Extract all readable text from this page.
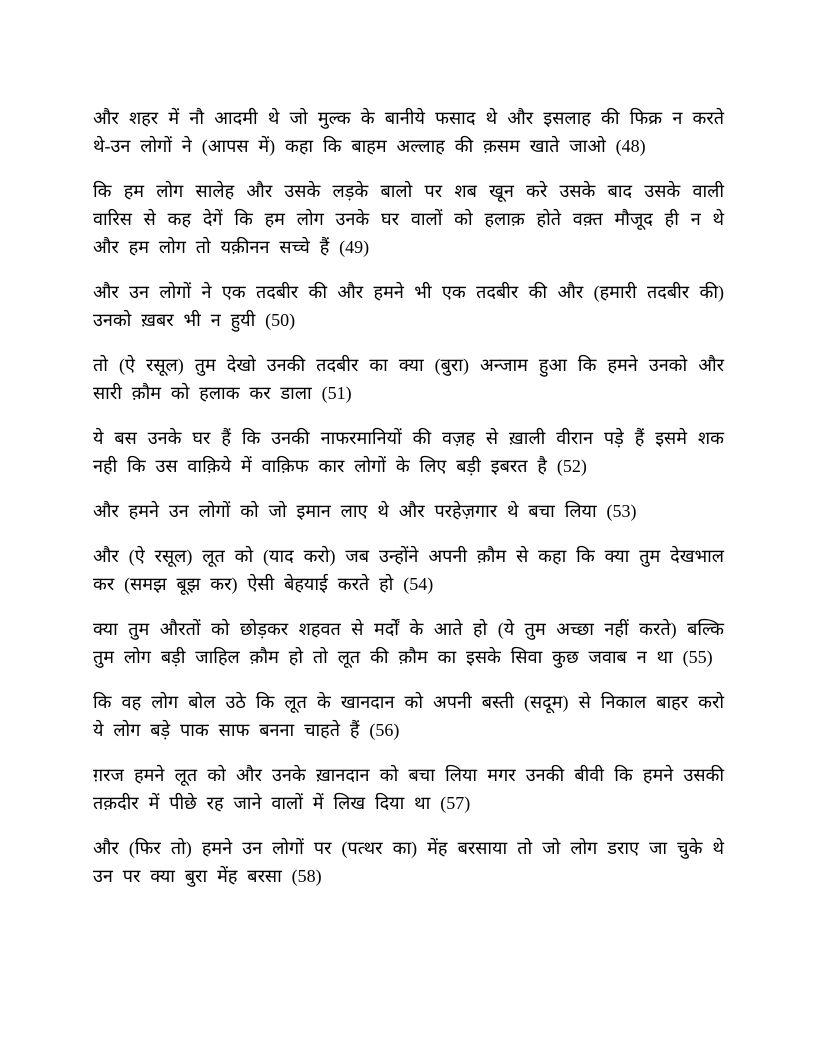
और शहर में नौ आदमी थे जो मुल्क के बानीये फसाद थे और इसलाह की फिक्र न करते थे-उन लोगों ने (आपस में) कहा कि बाहम अल्लाह की क़सम खाते जाओ (48)

कि हम लोग सालेह और उसके लड़के बालो पर शब खून करे उसके बाद उसके वाली वारिस से कह देगें कि हम लोग उनके घर वालों को हलाक़ होते वक़्त मौजूद ही न थे और हम लोग तो यक़ीनन सच्चे हैं (49)

और उन लोगों ने एक तदबीर की और हमने भी एक तदबीर की और (हमारी तदबीर की) उनको ख़बर भी न हुयी (50)

तो (ऐ रसूल) तुम देखो उनकी तदबीर का क्या (बुरा) अन्जाम हुआ कि हमने उनको और सारी क़ौम को हलाक कर डाला (51)

ये बस उनके घर हैं कि उनकी नाफरमानियों की वज़ह से ख़ाली वीरान पड़े हैं इसमे शक नही कि उस वाक़िये में वाक़िफ कार लोगों के लिए बड़ी इबरत है (52)

और हमने उन लोगों को जो इमान लाए थे और परहेज़गार थे बचा लिया (53)

और (ऐ रसूल) लूत को (याद करो) जब उन्होंने अपनी क़ौम से कहा कि क्या तुम देखभाल कर (समझ बूझ कर) ऐसी बेहयाई करते हो (54)

क्या तुम औरतों को छोड़कर शहवत से मर्दों के आते हो (ये तुम अच्छा नहीं करते) बल्कि तुम लोग बड़ी जाहिल क़ौम हो तो लूत की क़ौम का इसके सिवा कुछ जवाब न था (55)

कि वह लोग बोल उठे कि लूत के खानदान को अपनी बस्ती (सदूम) से निकाल बाहर करो ये लोग बड़े पाक साफ बनना चाहते हैं (56)

ग़रज हमने लूत को और उनके ख़ानदान को बचा लिया मगर उनकी बीवी कि हमने उसकी तक़दीर में पीछे रह जाने वालों में लिख दिया था (57)

और (फिर तो) हमने उन लोगों पर (पत्थर का) मेंह बरसाया तो जो लोग डराए जा चुके थे उन पर क्या बुरा मेंह बरसा (58)
